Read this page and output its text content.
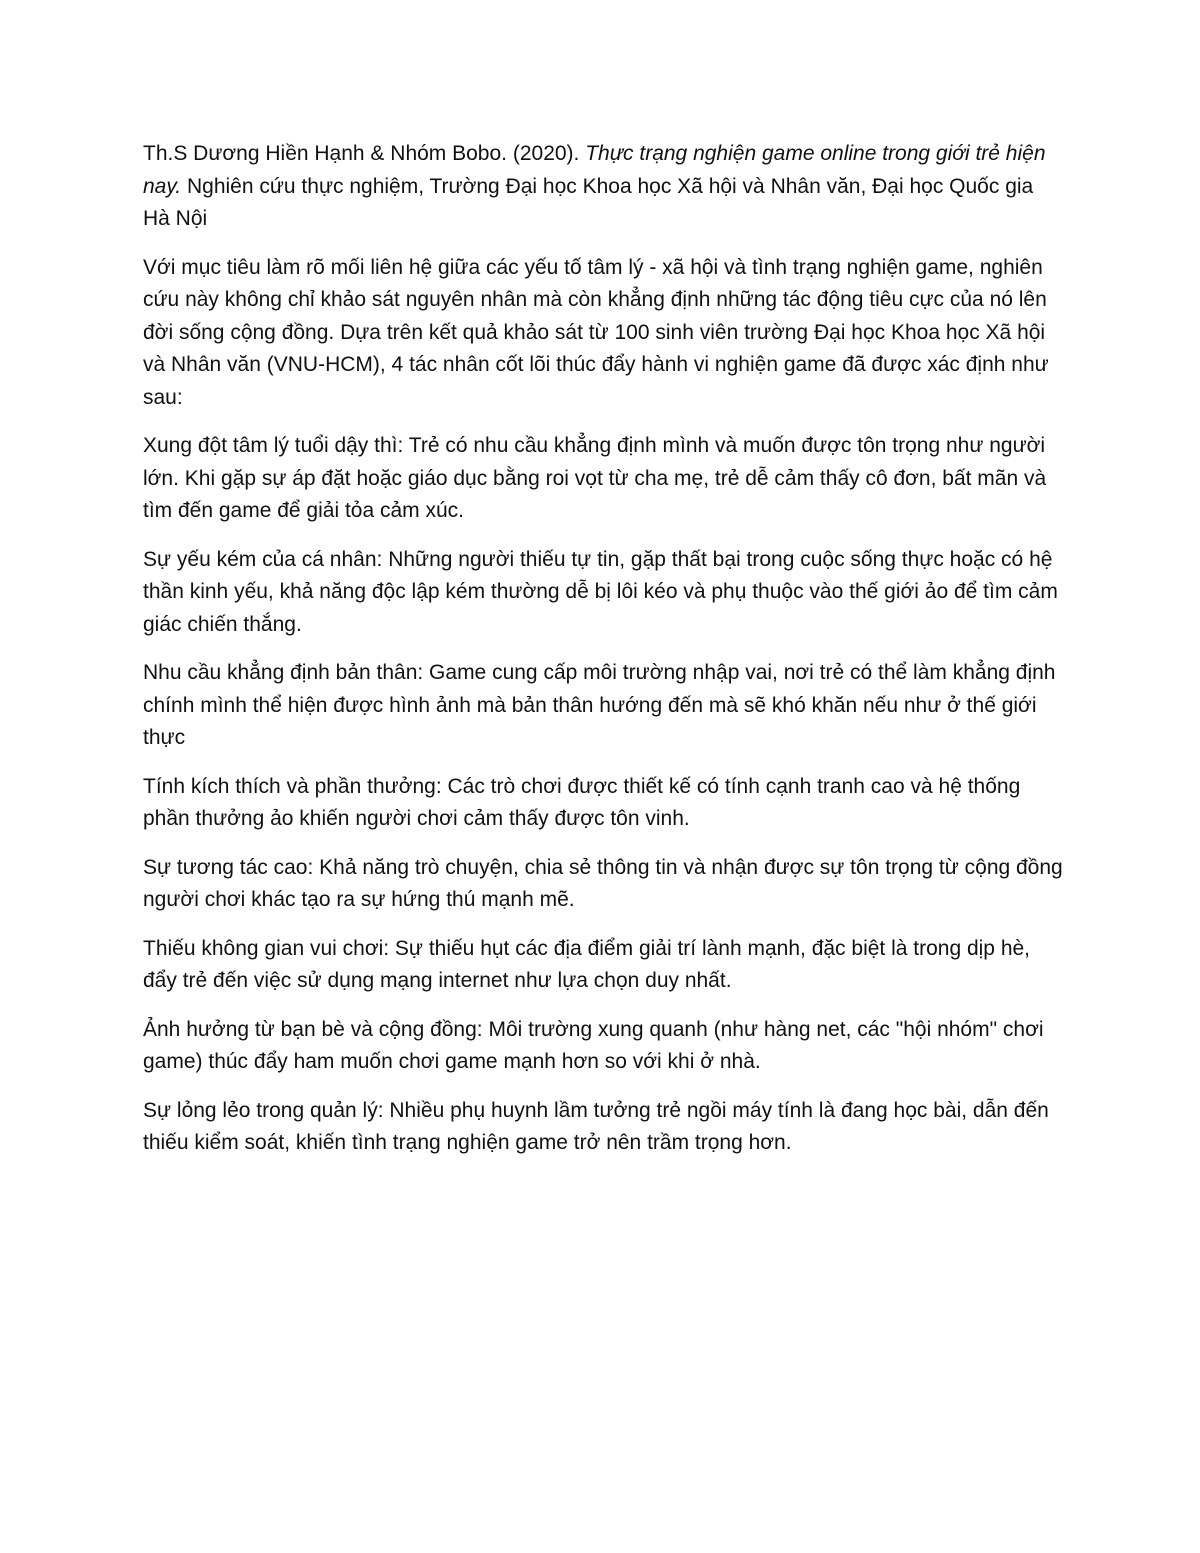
Th.S Dương Hiền Hạnh & Nhóm Bobo. (2020). Thực trạng nghiện game online trong giới trẻ hiện nay. Nghiên cứu thực nghiệm, Trường Đại học Khoa học Xã hội và Nhân văn, Đại học Quốc gia Hà Nội

Với mục tiêu làm rõ mối liên hệ giữa các yếu tố tâm lý - xã hội và tình trạng nghiện game, nghiên cứu này không chỉ khảo sát nguyên nhân mà còn khẳng định những tác động tiêu cực của nó lên đời sống cộng đồng. Dựa trên kết quả khảo sát từ 100 sinh viên trường Đại học Khoa học Xã hội và Nhân văn (VNU-HCM), 4 tác nhân cốt lõi thúc đẩy hành vi nghiện game đã được xác định như sau:

Xung đột tâm lý tuổi dậy thì: Trẻ có nhu cầu khẳng định mình và muốn được tôn trọng như người lớn. Khi gặp sự áp đặt hoặc giáo dục bằng roi vọt từ cha mẹ, trẻ dễ cảm thấy cô đơn, bất mãn và tìm đến game để giải tỏa cảm xúc.

Sự yếu kém của cá nhân: Những người thiếu tự tin, gặp thất bại trong cuộc sống thực hoặc có hệ thần kinh yếu, khả năng độc lập kém thường dễ bị lôi kéo và phụ thuộc vào thế giới ảo để tìm cảm giác chiến thắng.

Nhu cầu khẳng định bản thân: Game cung cấp môi trường nhập vai, nơi trẻ có thể làm khẳng định chính mình thể hiện được hình ảnh mà bản thân hướng đến mà sẽ khó khăn nếu như ở thế giới thực

Tính kích thích và phần thưởng: Các trò chơi được thiết kế có tính cạnh tranh cao và hệ thống phần thưởng ảo khiến người chơi cảm thấy được tôn vinh.

Sự tương tác cao: Khả năng trò chuyện, chia sẻ thông tin và nhận được sự tôn trọng từ cộng đồng người chơi khác tạo ra sự hứng thú mạnh mẽ.

Thiếu không gian vui chơi: Sự thiếu hụt các địa điểm giải trí lành mạnh, đặc biệt là trong dịp hè, đẩy trẻ đến việc sử dụng mạng internet như lựa chọn duy nhất.

Ảnh hưởng từ bạn bè và cộng đồng: Môi trường xung quanh (như hàng net, các "hội nhóm" chơi game) thúc đẩy ham muốn chơi game mạnh hơn so với khi ở nhà.

Sự lỏng lẻo trong quản lý: Nhiều phụ huynh lầm tưởng trẻ ngồi máy tính là đang học bài, dẫn đến thiếu kiểm soát, khiến tình trạng nghiện game trở nên trầm trọng hơn.
